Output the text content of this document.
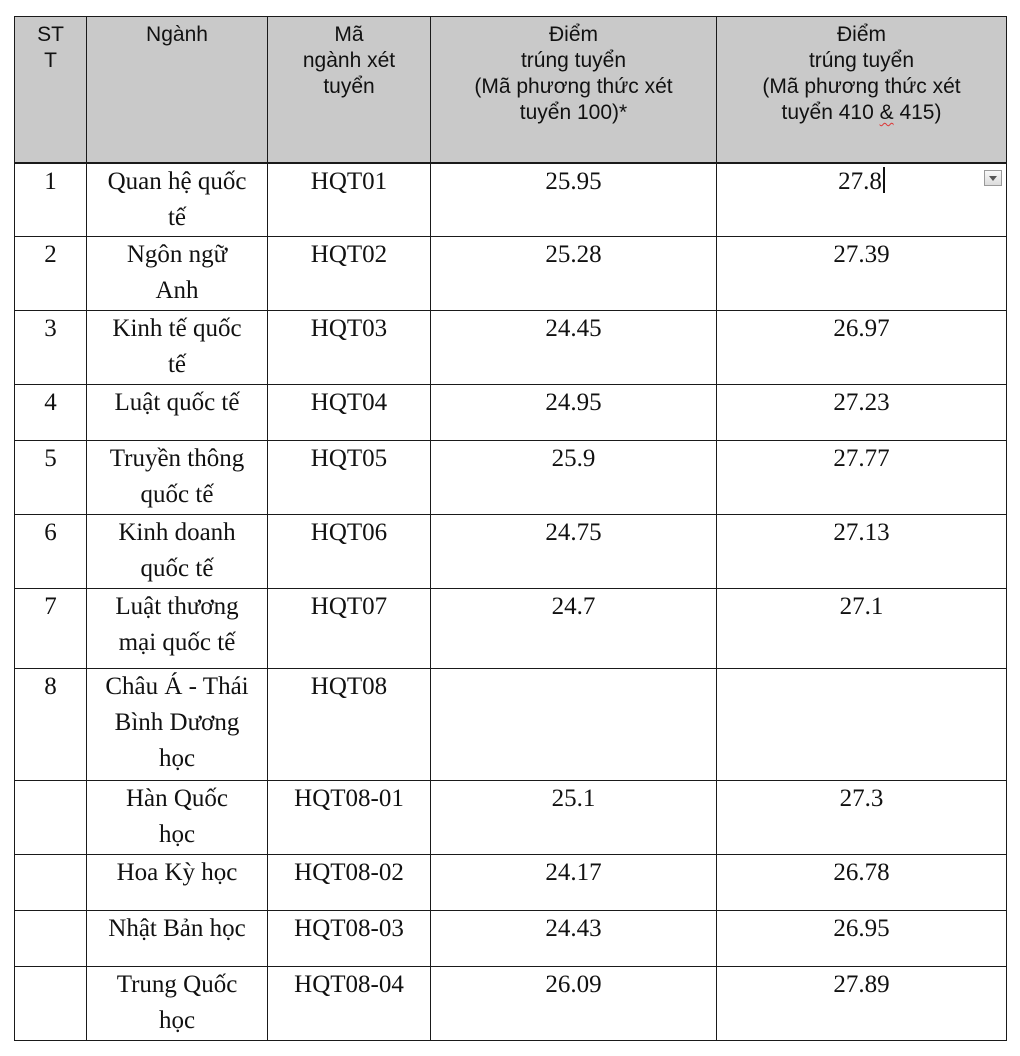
ST
T	Ngành	Mã
ngành xét
tuyển	Điểm
trúng tuyển
(Mã phương thức xét
tuyển 100)*	Điểm
trúng tuyển
(Mã phương thức xét
tuyển 410 & 415)

1	Quan hệ quốc
tế	HQT01	25.95	27.8

2	Ngôn ngữ
Anh	HQT02	25.28	27.39
3	Kinh tế quốc
tế	HQT03	24.45	26.97
4	Luật quốc tế	HQT04	24.95	27.23
5	Truyền thông
quốc tế	HQT05	25.9	27.77
6	Kinh doanh
quốc tế	HQT06	24.75	27.13
7	Luật thương
mại quốc tế	HQT07	24.7	27.1
8	Châu Á - Thái
Bình Dương
học	HQT08		

	Hàn Quốc
học	HQT08-01	25.1	27.3

	Hoa Kỳ học	HQT08-02	24.17	26.78

	Nhật Bản học	HQT08-03	24.43	26.95

	Trung Quốc
học	HQT08-04	26.09	27.89
